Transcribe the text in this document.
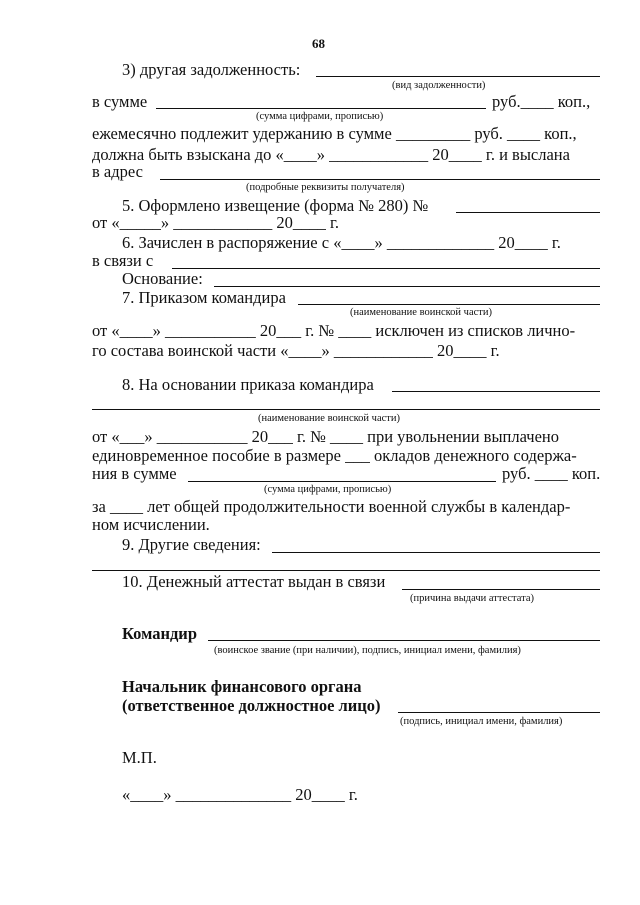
68
3) другая задолженность:
(вид задолженности)
в сумме	руб.____ коп.,
(сумма цифрами, прописью)
ежемесячно подлежит удержанию в сумме _________ руб. ____ коп.,
должна быть взыскана до «____» ____________ 20____ г. и выслана
в адрес
(подробные реквизиты получателя)
5. Оформлено извещение (форма № 280) №
от «_____» ____________ 20____ г.
6. Зачислен в распоряжение с «____» _____________ 20____ г.
в связи с
Основание:
7. Приказом командира
(наименование воинской части)
от «____» ___________ 20___ г. № ____ исключен из списков лично-
го состава воинской части «____» ____________ 20____ г.
8. На основании приказа командира
(наименование воинской части)
от «___» ___________ 20___ г. № ____ при увольнении выплачено
единовременное пособие в размере ___ окладов денежного содержа-
ния в сумме	руб. ____ коп.
(сумма цифрами, прописью)
за ____ лет общей продолжительности военной службы в календар-
ном исчислении.
9. Другие сведения:
10. Денежный аттестат выдан в связи
(причина выдачи аттестата)
Командир
(воинское звание (при наличии), подпись, инициал имени, фамилия)
Начальник финансового органа
(ответственное должностное лицо)
(подпись, инициал имени, фамилия)
М.П.
«____» ______________ 20____ г.
